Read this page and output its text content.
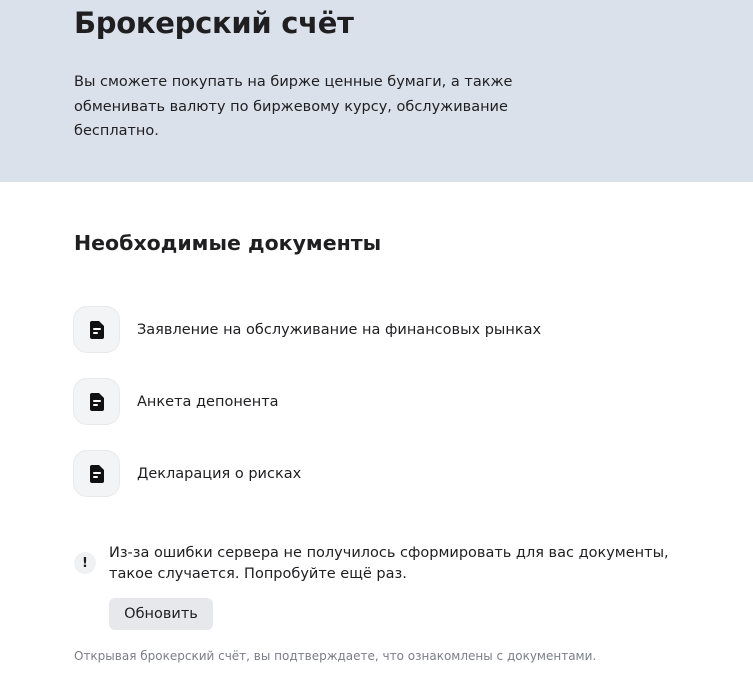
Брокерский счёт

Вы сможете покупать на бирже ценные бумаги, а также обменивать валюту по биржевому курсу, обслуживание бесплатно.

Необходимые документы
Заявление на обслуживание на финансовых рынках
Анкета депонента
Декларация о рисках
!
Из-за ошибки сервера не получилось сформировать для вас документы, такое случается. Попробуйте ещё раз.
Обновить
Открывая брокерский счёт, вы подтверждаете, что ознакомлены с документами.
